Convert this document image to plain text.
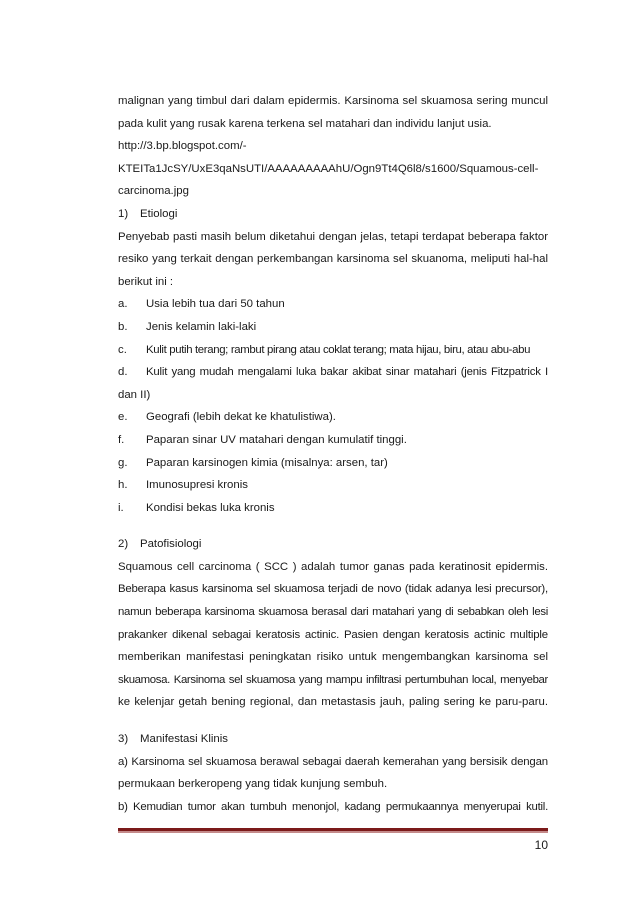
malignan yang timbul dari dalam epidermis. Karsinoma sel skuamosa sering muncul
pada kulit yang rusak karena terkena sel matahari dan individu lanjut usia.
http://3.bp.blogspot.com/-
KTEITa1JcSY/UxE3qaNsUTI/AAAAAAAAAhU/Ogn9Tt4Q6l8/s1600/Squamous-cell-
carcinoma.jpg
1)	Etiologi
Penyebab pasti masih belum diketahui dengan jelas, tetapi terdapat beberapa faktor
resiko yang terkait dengan perkembangan karsinoma sel skuanoma, meliputi hal-hal
berikut ini :
a.	Usia lebih tua dari 50 tahun
b.	Jenis kelamin laki-laki
c.	Kulit putih terang; rambut pirang atau coklat terang; mata hijau, biru, atau abu-abu
d.	Kulit yang mudah mengalami luka bakar akibat sinar matahari (jenis Fitzpatrick I
dan II)
e.	Geografi (lebih dekat ke khatulistiwa).
f.	Paparan sinar UV matahari dengan kumulatif tinggi.
g.	Paparan karsinogen kimia (misalnya: arsen, tar)
h.	Imunosupresi kronis
i.	Kondisi bekas luka kronis
2)	Patofisiologi
Squamous cell carcinoma ( SCC ) adalah tumor ganas pada keratinosit epidermis.
Beberapa kasus karsinoma sel skuamosa terjadi de novo (tidak adanya lesi precursor),
namun beberapa karsinoma skuamosa berasal dari matahari yang di sebabkan oleh lesi
prakanker dikenal sebagai keratosis actinic. Pasien dengan keratosis actinic multiple
memberikan manifestasi peningkatan risiko untuk mengembangkan karsinoma sel
skuamosa. Karsinoma sel skuamosa yang mampu infiltrasi pertumbuhan local, menyebar
ke kelenjar getah bening regional, dan metastasis jauh, paling sering ke paru-paru.
3)	Manifestasi Klinis
a) Karsinoma sel skuamosa berawal sebagai daerah kemerahan yang bersisik dengan
permukaan berkeropeng yang tidak kunjung sembuh.
b) Kemudian tumor akan tumbuh menonjol, kadang permukaannya menyerupai kutil.
10
